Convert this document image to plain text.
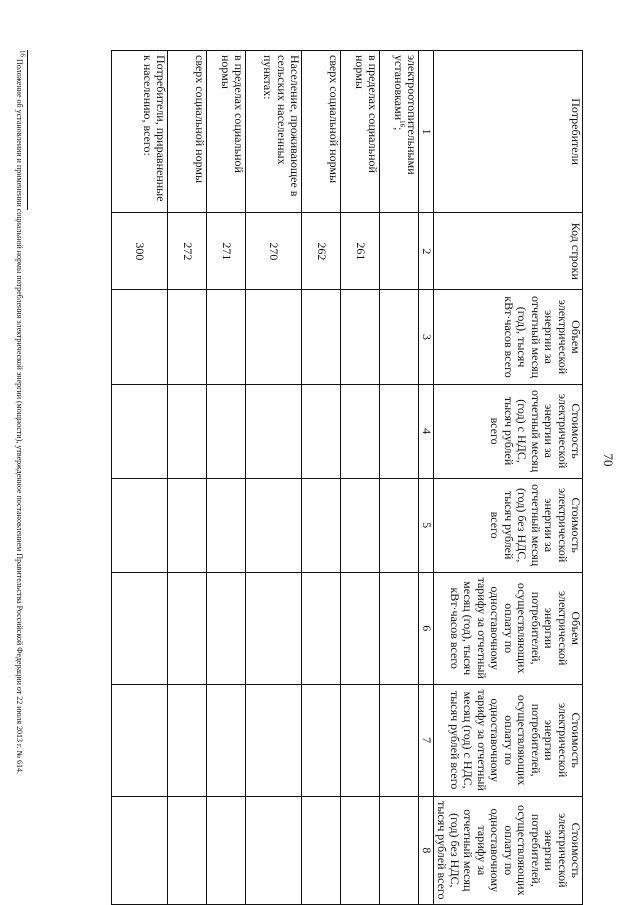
70
Потребители	Код строки	Объем электрической энергии за отчетный месяц (год), тысяч кВт·часов всего	Стоимость электрической энергии за отчетный месяц (год) с НДС, тысяч рублей всего	Стоимость электрической энергии за отчетный месяц (год) без НДС, тысяч рублей всего	Объем электрической энергии потребителей, осуществляющих оплату по одноставочному тарифу за отчетный месяц (год), тысяч кВт·часов всего	Стоимость электрической энергии потребителей, осуществляющих оплату по одноставочному тарифу за отчетный месяц (год) с НДС, тысяч рублей всего	Стоимость электрической энергии потребителей, осуществляющих оплату по одноставочному тарифу за отчетный месяц (год) без НДС, тысяч рублей всего
1	2	3	4	5	6	7	8
электроотопительными установками$^{16}$;							
в пределах социальной нормы	261						
сверх социальной нормы	262						
Население, проживающее в сельских населенных пунктах:	270						
в пределах социальной нормы	271						
сверх социальной нормы	272						
Потребители, приравненные к населению, всего:	300						
$^{16}$ Положение об установлении и применении социальной нормы потребления электрической энергии (мощности), утвержденное постановлением Правительства Российской Федерации от 22 июля 2013 г. № 614.
